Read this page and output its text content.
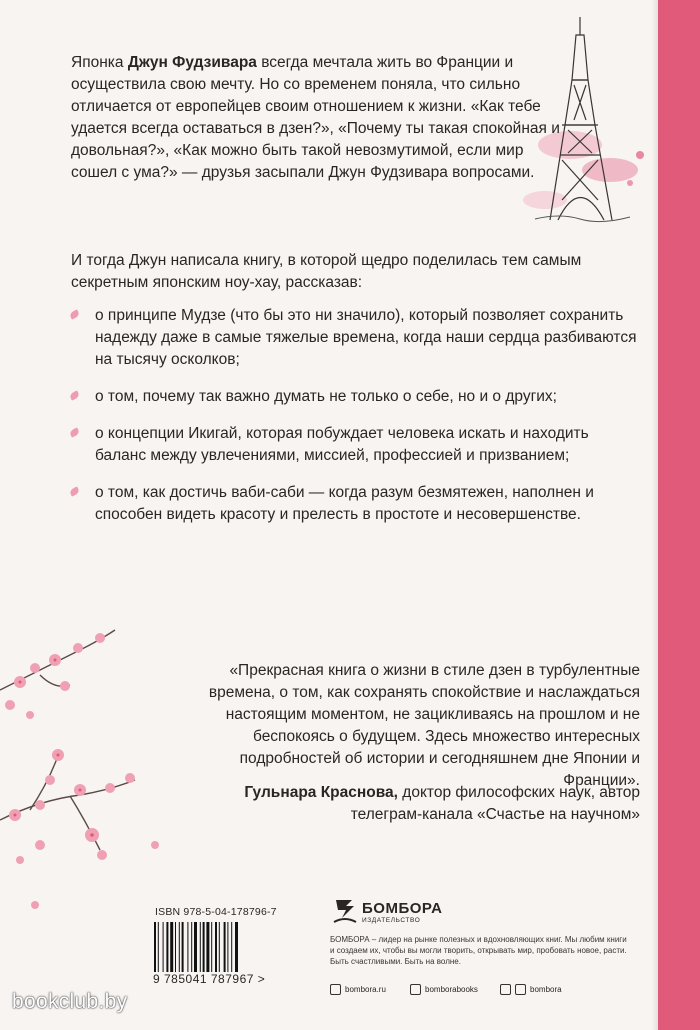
Японка Джун Фудзивара всегда мечтала жить во Франции и осуществила свою мечту. Но со временем поняла, что сильно отличается от европейцев своим отношением к жизни. «Как тебе удается всегда оставаться в дзен?», «Почему ты такая спокойная и довольная?», «Как можно быть такой невозмутимой, если мир сошел с ума?» — друзья засыпали Джун Фудзивара вопросами.

И тогда Джун написала книгу, в которой щедро поделилась тем самым секретным японским ноу-хау, рассказав:

о принципе Мудзе (что бы это ни значило), который позволяет сохранить надежду даже в самые тяжелые времена, когда наши сердца разбиваются на тысячу осколков;
о том, почему так важно думать не только о себе, но и о других;
о концепции Икигай, которая побуждает человека искать и находить баланс между увлечениями, миссией, профессией и призванием;
о том, как достичь ваби-саби — когда разум безмятежен, наполнен и способен видеть красоту и прелесть в простоте и несовершенстве.

«Прекрасная книга о жизни в стиле дзен в турбулентные времена, о том, как сохранять спокойствие и наслаждаться настоящим моментом, не зацикливаясь на прошлом и не беспокоясь о будущем. Здесь множество интересных подробностей об истории и сегодняшнем дне Японии и Франции».

Гульнара Краснова, доктор философских наук, автор
телеграм-канала «Счастье на научном»
ISBN 978-5-04-178796-7
9 785041 787967 >
БОМБОРА
ИЗДАТЕЛЬСТВО
БОМБОРА – лидер на рынке полезных и вдохновляющих книг. Мы любим книги и создаем их, чтобы вы могли творить, открывать мир, пробовать новое, расти. Быть счастливыми. Быть на волне.
bombora.ru	bomborabooks	bombora
bookclub.by
